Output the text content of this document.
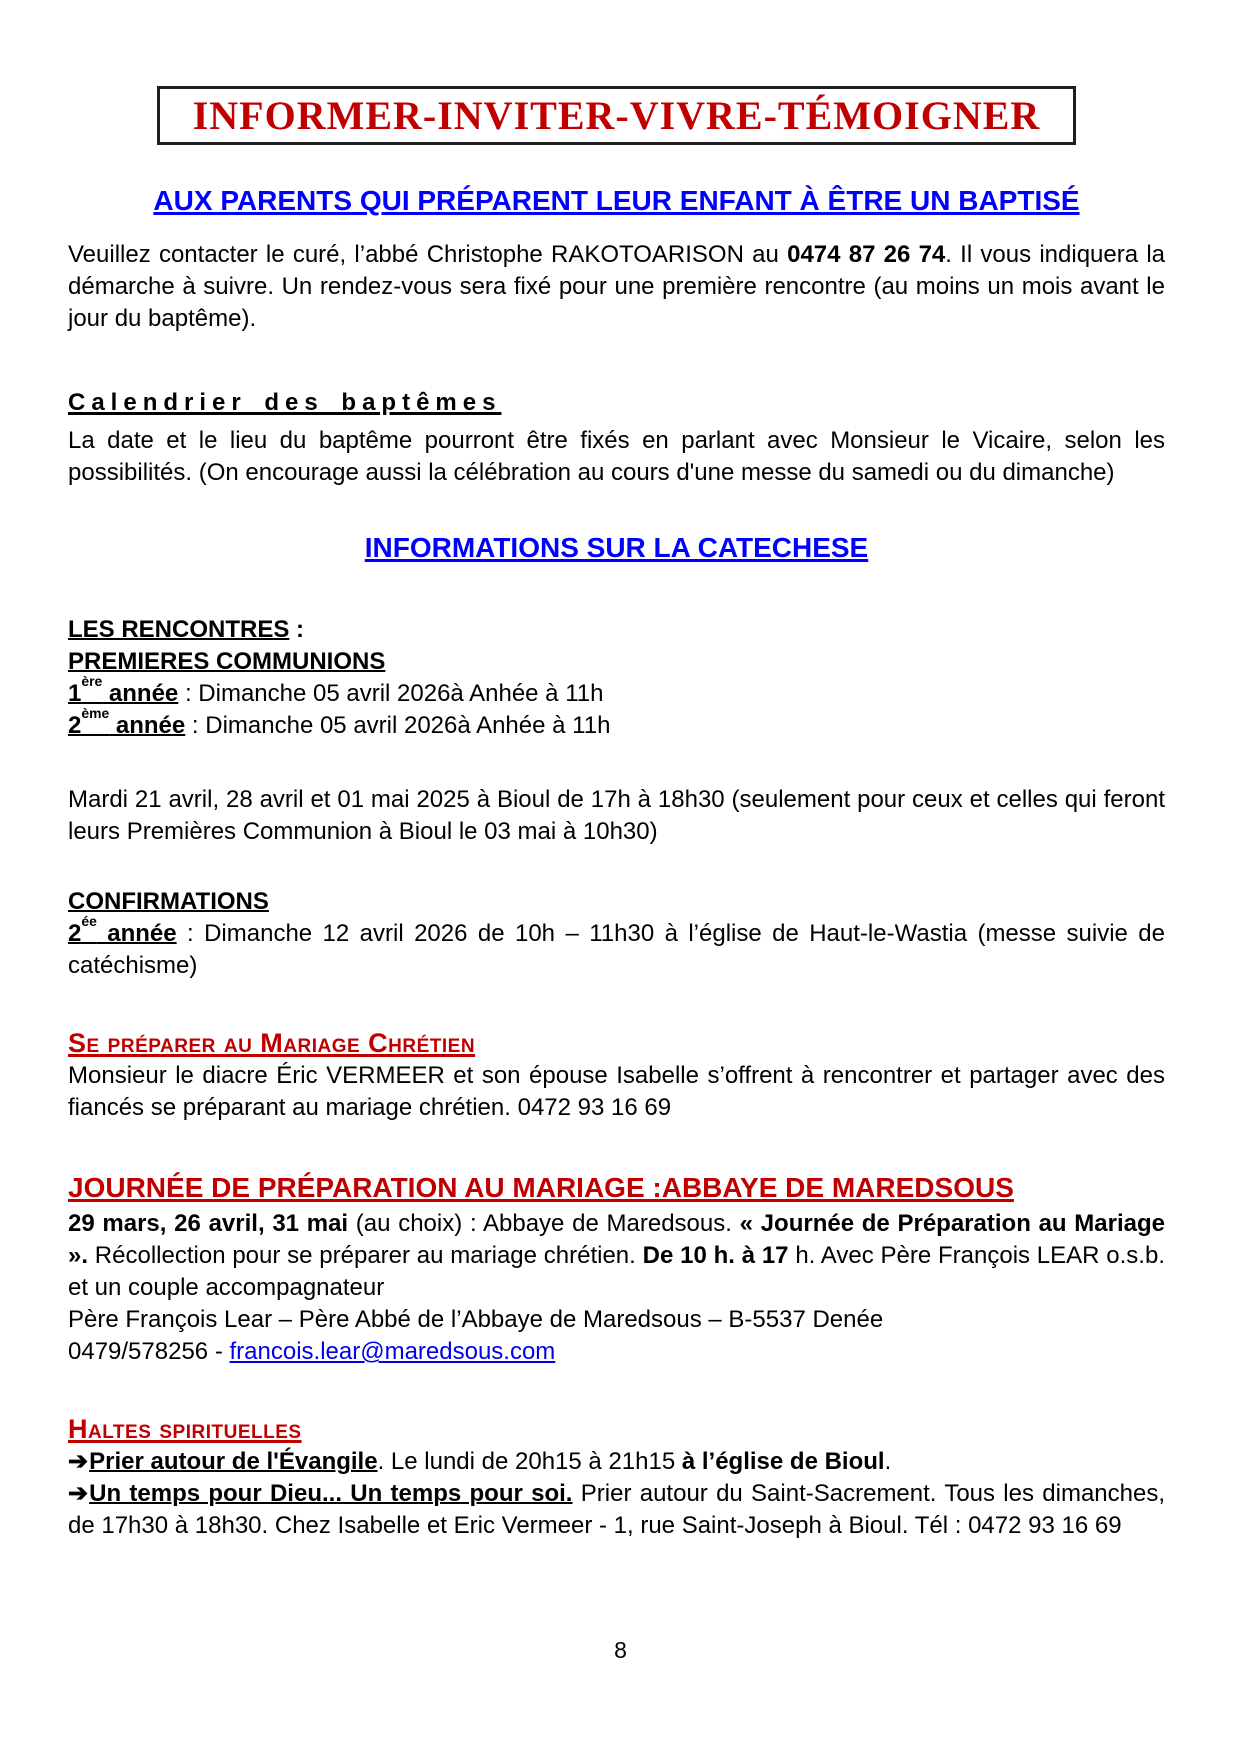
INFORMER-INVITER-VIVRE-TÉMOIGNER
AUX PARENTS QUI PRÉPARENT LEUR ENFANT À ÊTRE UN BAPTISÉ

Veuillez contacter le curé, l’abbé Christophe RAKOTOARISON au 0474 87 26 74. Il vous indiquera la démarche à suivre. Un rendez-vous sera fixé pour une première rencontre (au moins un mois avant le jour du baptême).

Calendrier des baptêmes

La date et le lieu du baptême pourront être fixés en parlant avec Monsieur le Vicaire, selon les possibilités. (On encourage aussi la célébration au cours d'une messe du samedi ou du dimanche)

INFORMATIONS SUR LA CATECHESE
LES RENCONTRES :
PREMIERES COMMUNIONS
1ère année : Dimanche 05 avril 2026à Anhée à 11h
2ème année : Dimanche 05 avril 2026à Anhée à 11h

Mardi 21 avril, 28 avril et 01 mai 2025 à Bioul de 17h à 18h30 (seulement pour ceux et celles qui feront leurs Premières Communion à Bioul le 03 mai à 10h30)

CONFIRMATIONS
$2^{ée}$ année : Dimanche 12 avril 2026 de 10h – 11h30 à l’église de Haut-le-Wastia (messe suivie de catéchisme)
Se préparer au Mariage Chrétien

Monsieur le diacre Éric VERMEER et son épouse Isabelle s’offrent à rencontrer et partager avec des fiancés se préparant au mariage chrétien. 0472 93 16 69

JOURNÉE DE PRÉPARATION AU MARIAGE :ABBAYE DE MAREDSOUS

29 mars, 26 avril, 31 mai (au choix) : Abbaye de Maredsous. « Journée de Préparation au Mariage ». Récollection pour se préparer au mariage chrétien. De 10 h. à 17 h. Avec Père François LEAR o.s.b. et un couple accompagnateur

Père François Lear – Père Abbé de l’Abbaye de Maredsous – B-5537 Denée
0479/578256 - francois.lear@maredsous.com
Haltes spirituelles
➔Prier autour de l'Évangile. Le lundi de 20h15 à 21h15 à l’église de Bioul.
➔Un temps pour Dieu... Un temps pour soi. Prier autour du Saint-Sacrement. Tous les dimanches, de 17h30 à 18h30. Chez Isabelle et Eric Vermeer - 1, rue Saint-Joseph à Bioul. Tél : 0472 93 16 69
8
